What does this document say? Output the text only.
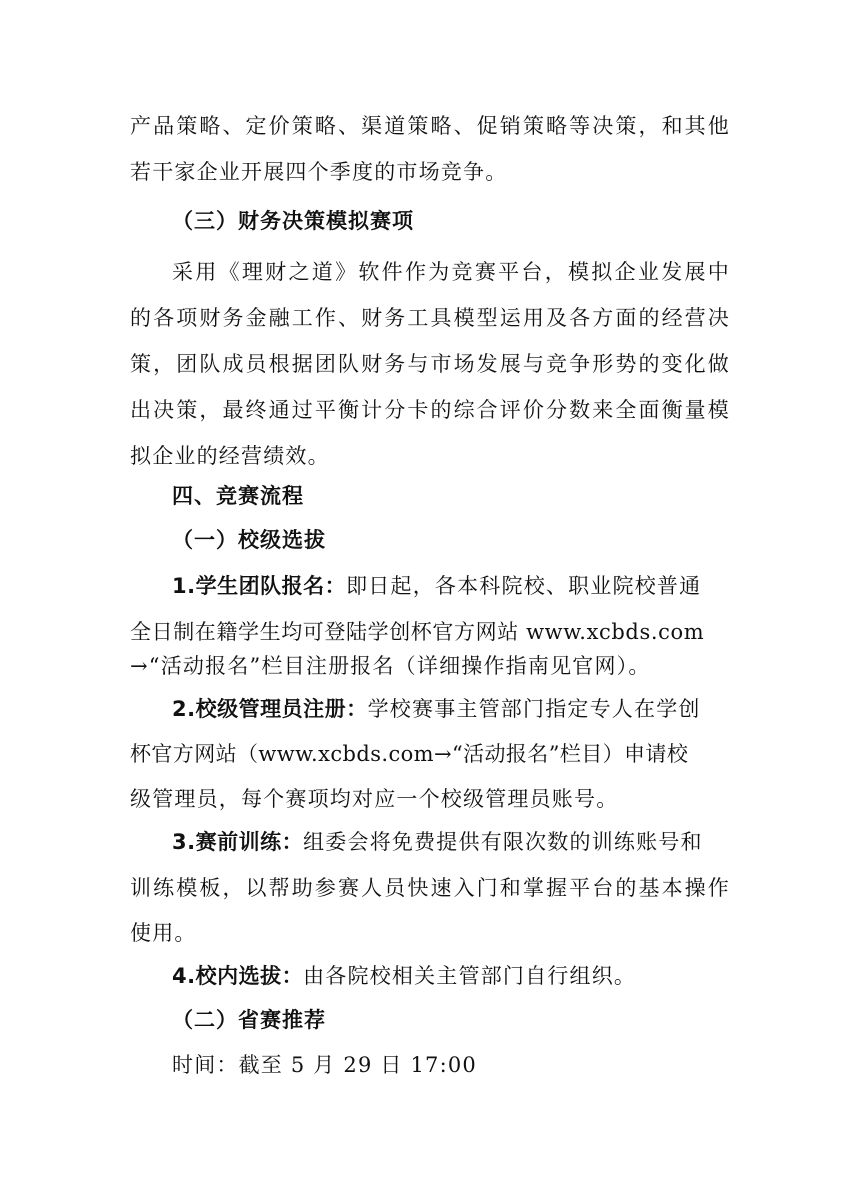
产品策略、定价策略、渠道策略、促销策略等决策，和其他
若干家企业开展四个季度的市场竞争。
（三）财务决策模拟赛项
采用《理财之道》软件作为竞赛平台，模拟企业发展中
的各项财务金融工作、财务工具模型运用及各方面的经营决
策，团队成员根据团队财务与市场发展与竞争形势的变化做
出决策，最终通过平衡计分卡的综合评价分数来全面衡量模
拟企业的经营绩效。
四、竞赛流程
（一）校级选拔
1.学生团队报名：即日起，各本科院校、职业院校普通
全日制在籍学生均可登陆学创杯官方网站 www.xcbds.com
→“活动报名”栏目注册报名（详细操作指南见官网）。
2.校级管理员注册：学校赛事主管部门指定专人在学创
杯官方网站（www.xcbds.com→“活动报名”栏目）申请校
级管理员，每个赛项均对应一个校级管理员账号。
3.赛前训练：组委会将免费提供有限次数的训练账号和
训练模板，以帮助参赛人员快速入门和掌握平台的基本操作
使用。
4.校内选拔：由各院校相关主管部门自行组织。
（二）省赛推荐
时间：截至 5 月 29 日 17:00
